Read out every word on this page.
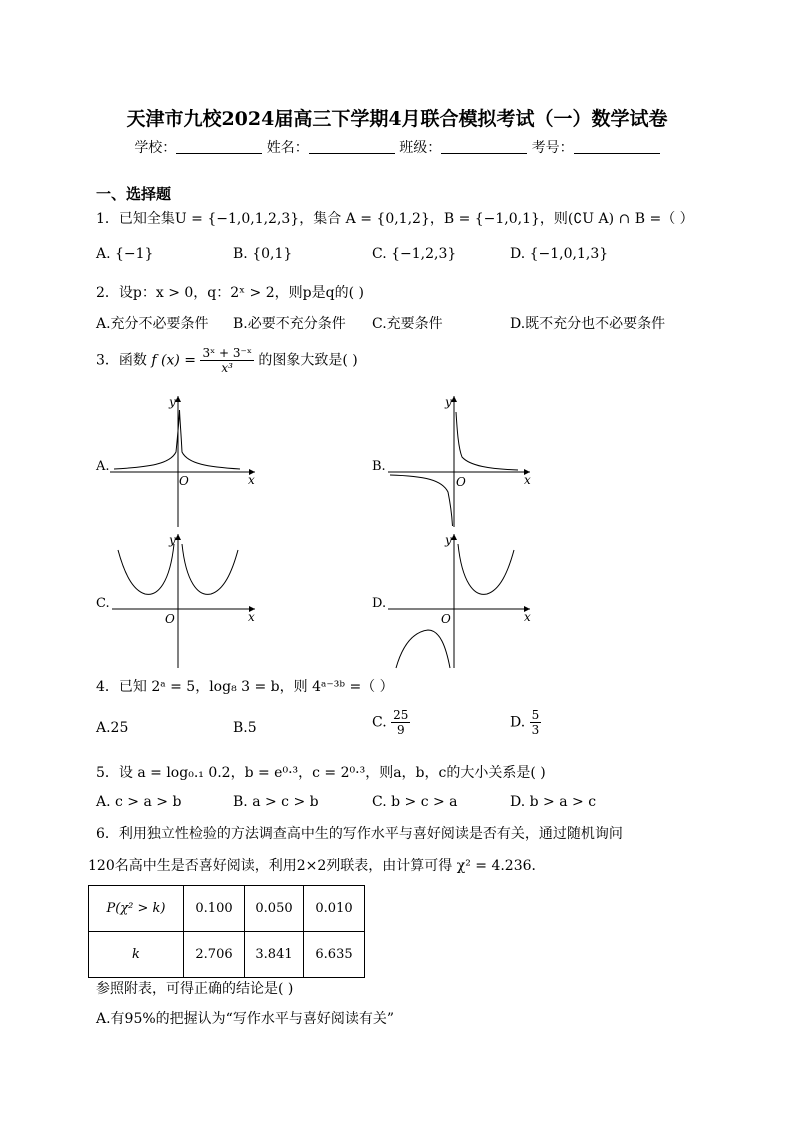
天津市九校2024届高三下学期4月联合模拟考试（一）数学试卷
学校：	姓名：	班级：	考号：
一、选择题
1．已知全集U = {−1,0,1,2,3}，集合 A = {0,1,2}，B = {−1,0,1}，则(∁U A) ∩ B =（ ）
A. {−1}	B. {0,1}	C. {−1,2,3}	D. {−1,0,1,3}
2．设p：x > 0，q：2ˣ > 2，则p是q的( )
A.充分不必要条件 B.必要不充分条件 C.充要条件	D.既不充分也不必要条件
3．函数 f $(x) = \frac{\text{3ˣ + 3⁻ˣ}}{\text{x³}}$ 的图象大致是( )
A.
y
x
O
B.
y
x
O
C.
y
x
O
D.
y
x
O
4．已知 2ᵃ = 5，log₈ 3 = b，则 4ᵃ⁻³ᵇ =（ ）
A.25	B.5	C. $\frac{25}{9}$	D. $\frac{5}{3}$
5．设 a = log₀.₁ 0.2，b = e⁰·³，c = 2⁰·³，则a，b，c的大小关系是( )
A. c > a > b	B. a > c > b	C. b > c > a	D. b > a > c
6．利用独立性检验的方法调查高中生的写作水平与喜好阅读是否有关，通过随机询问
120名高中生是否喜好阅读，利用2×2列联表，由计算可得 χ² = 4.236．
P(χ² > k)	0.100	0.050	0.010
k	2.706	3.841	6.635
参照附表，可得正确的结论是( )
A.有95%的把握认为“写作水平与喜好阅读有关”
